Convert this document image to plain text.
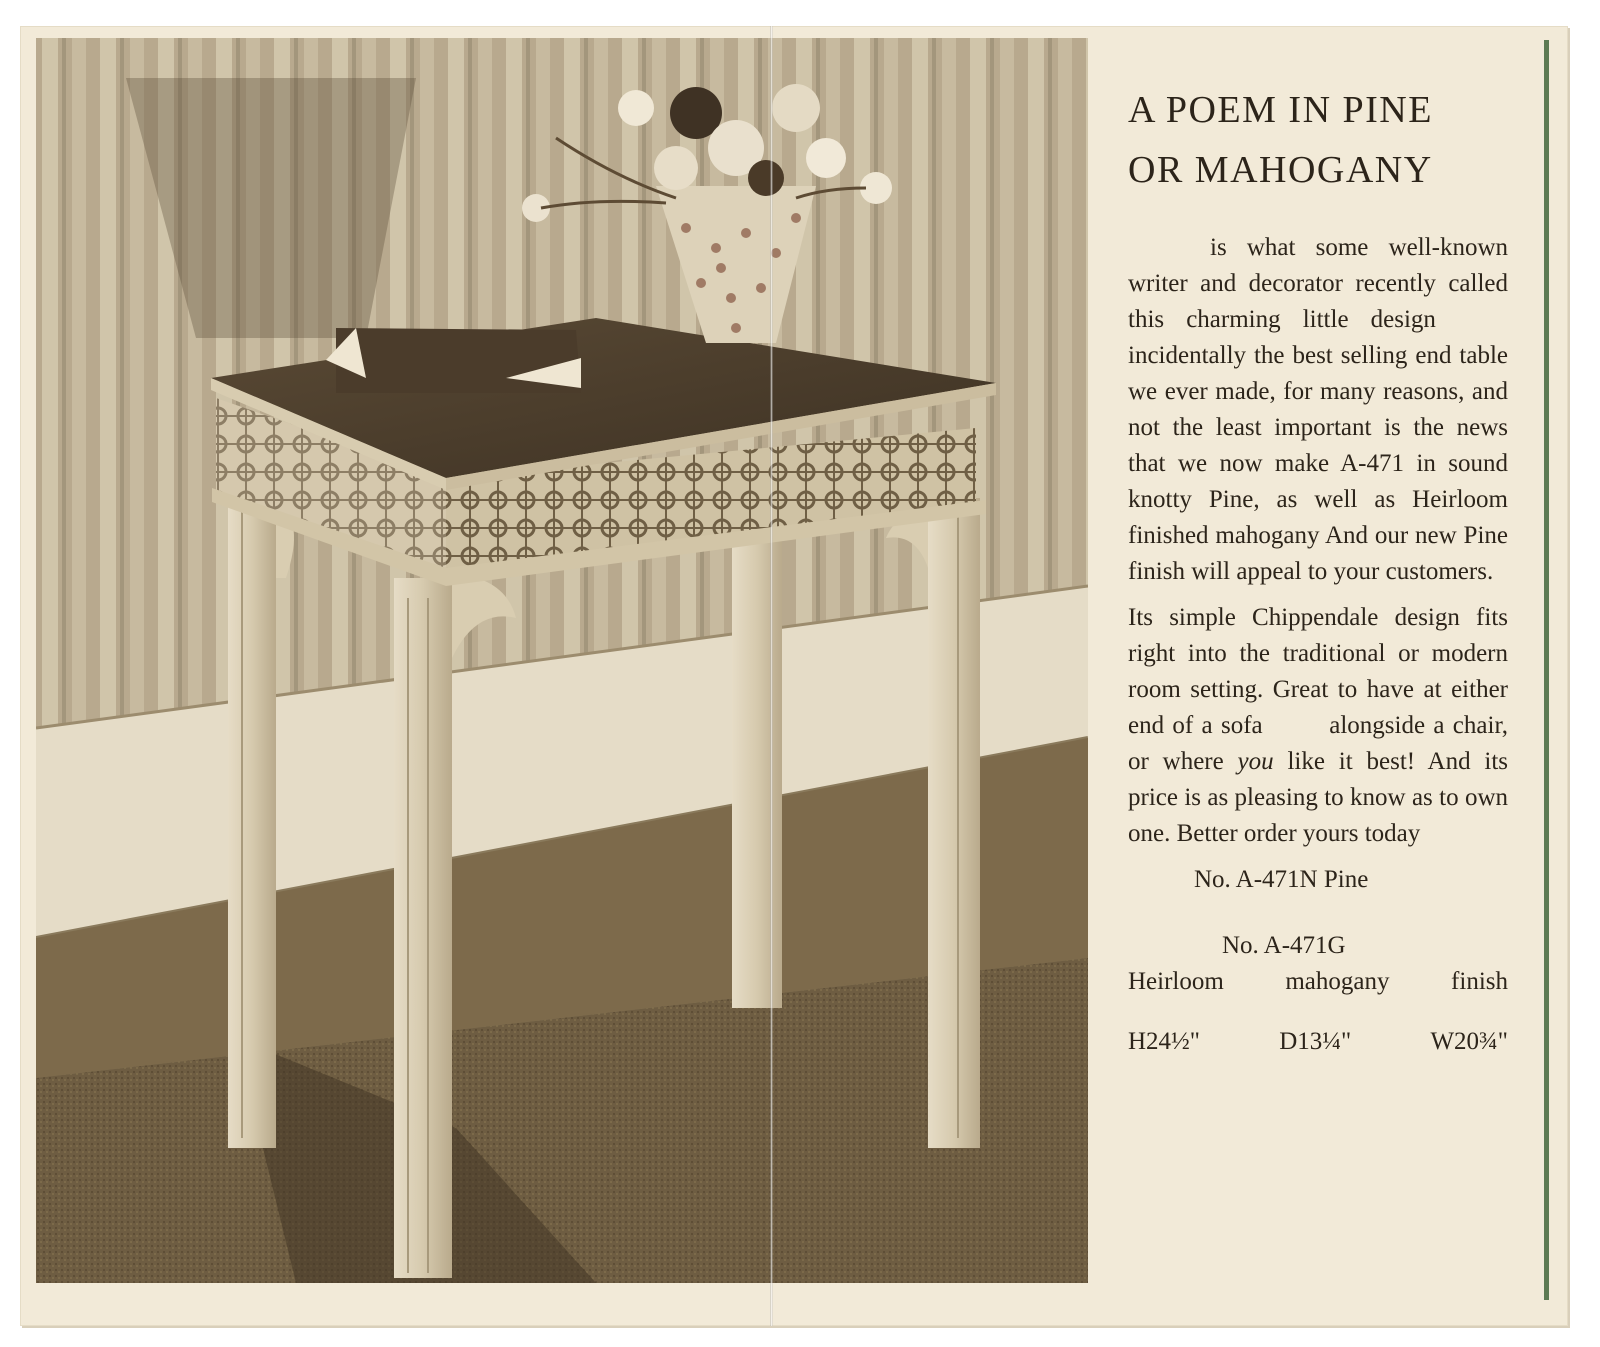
A POEM IN PINE
OR MAHOGANY

is what some well-known writer and decorator recently called this charming little design    incidentally the best selling end table we ever made, for many reasons, and not the least important is the news that we now make A-471 in sound knotty Pine, as well as Heirloom finished mahogany And our new Pine finish will appeal to your customers.

Its simple Chippendale design fits right into the traditional or modern room setting. Great to have at either end of a sofa   	alongside a chair, or where you like it best! And its price is as pleasing to know as to own one. Better order yours today

No. A-471N Pine
No. A-471G
Heirloom mahogany finish
H24½"	D13¼"	W20¾"
